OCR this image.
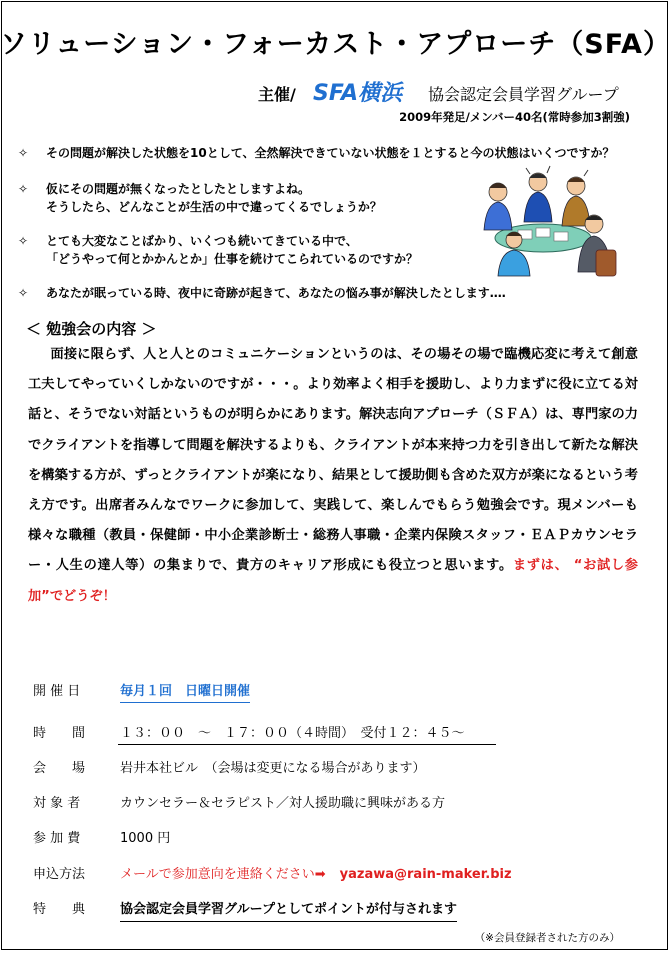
ソリューション・フォーカスト・アプローチ（SFA）
主催/ SFA横浜 協会認定会員学習グループ
2009年発足/メンバー40名(常時参加3割強)
✧ その問題が解決した状態を10として、全然解決できていない状態を１とすると今の状態はいくつですか？
✧ 仮にその問題が無くなったとしたとしますよね。
そうしたら、どんなことが生活の中で違ってくるでしょうか？
✧ とても大変なことばかり、いくつも続いてきている中で、
「どうやって何とかかんとか」仕事を続けてこられているのですか？
✧ あなたが眠っている時、夜中に奇跡が起きて、あなたの悩み事が解決したとします‥‥
＜ 勉強会の内容 ＞
面接に限らず、人と人とのコミュニケーションというのは、その場その場で臨機応変に考えて創意工夫してやっていくしかないのですが・・・。より効率よく相手を援助し、より力まずに役に立てる対話と、そうでない対話というものが明らかにあります。解決志向アプローチ（ＳＦＡ）は、専門家の力でクライアントを指導して問題を解決するよりも、クライアントが本来持つ力を引き出して新たな解決を構築する方が、ずっとクライアントが楽になり、結果として援助側も含めた双方が楽になるという考え方です。出席者みんなでワークに参加して、実践して、楽しんでもらう勉強会です。現メンバーも様々な職種（教員・保健師・中小企業診断士・総務人事職・企業内保険スタッフ・ＥＡＰカウンセラー・人生の達人等）の集まりで、貴方のキャリア形成にも役立つと思います。まずは、 “お試し参加”でどうぞ！
開 催 日	毎月１回　日曜日開催
時　　間	１３：００　～　１７：００（４時間）　受付１２：４５～
会　　場	岩井本社ビル　（会場は変更になる場合があります）
対 象 者	カウンセラー＆セラピスト／対人援助職に興味がある方
参 加 費	1000 円
申込方法	メールで参加意向を連絡ください➡ yazawa@rain-maker.biz
特　　典	協会認定会員学習グループとしてポイントが付与されます
（※会員登録者された方のみ）
